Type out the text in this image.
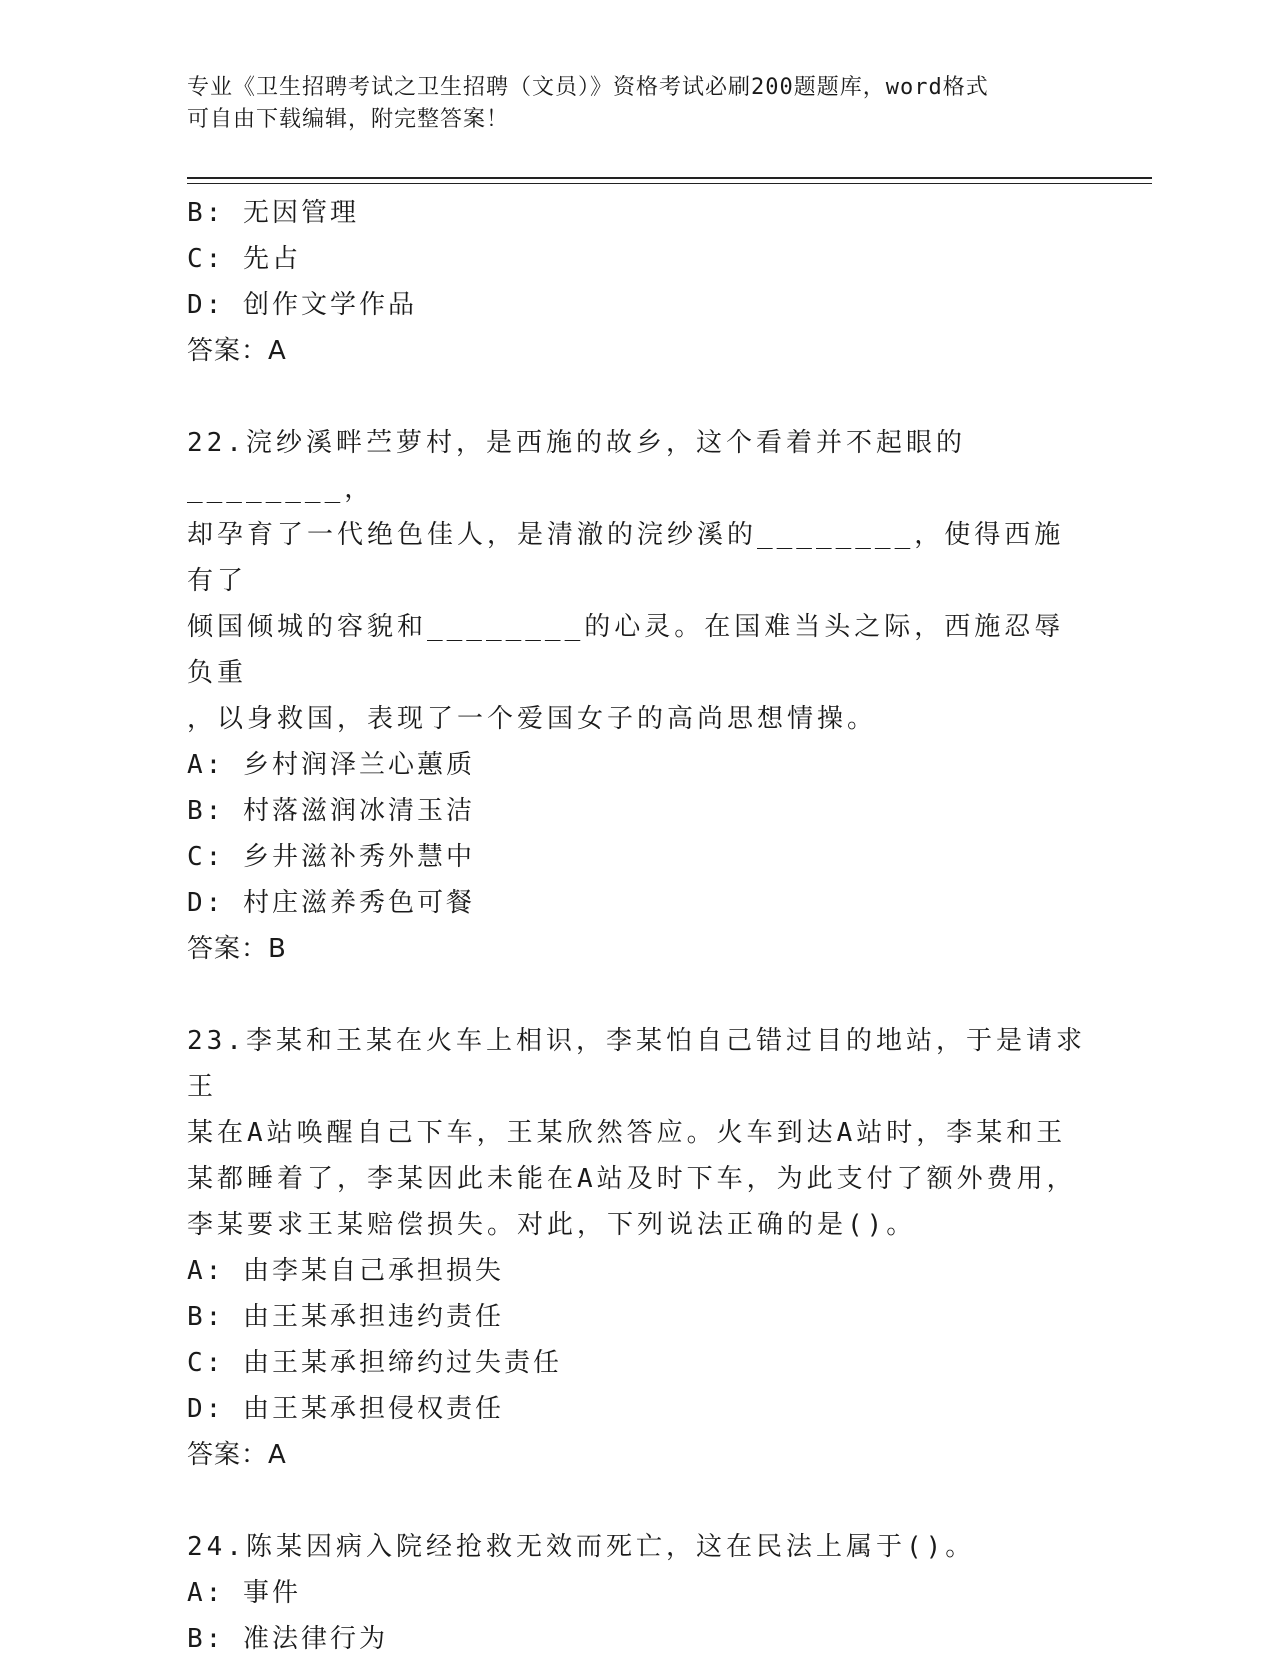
专业《卫生招聘考试之卫生招聘（文员）》资格考试必刷200题题库，word格式
可自由下载编辑，附完整答案！
B: 无因管理
C: 先占
D: 创作文学作品
答案：A
22.浣纱溪畔苎萝村，是西施的故乡，这个看着并不起眼的________，
却孕育了一代绝色佳人，是清澈的浣纱溪的________，使得西施有了
倾国倾城的容貌和________的心灵。在国难当头之际，西施忍辱负重
，以身救国，表现了一个爱国女子的高尚思想情操。
A: 乡村润泽兰心蕙质
B: 村落滋润冰清玉洁
C: 乡井滋补秀外慧中
D: 村庄滋养秀色可餐
答案：B
23.李某和王某在火车上相识，李某怕自己错过目的地站，于是请求王
某在A站唤醒自己下车，王某欣然答应。火车到达A站时，李某和王
某都睡着了，李某因此未能在A站及时下车，为此支付了额外费用，
李某要求王某赔偿损失。对此，下列说法正确的是()。
A: 由李某自己承担损失
B: 由王某承担违约责任
C: 由王某承担缔约过失责任
D: 由王某承担侵权责任
答案：A
24.陈某因病入院经抢救无效而死亡，这在民法上属于()。
A: 事件
B: 准法律行为
